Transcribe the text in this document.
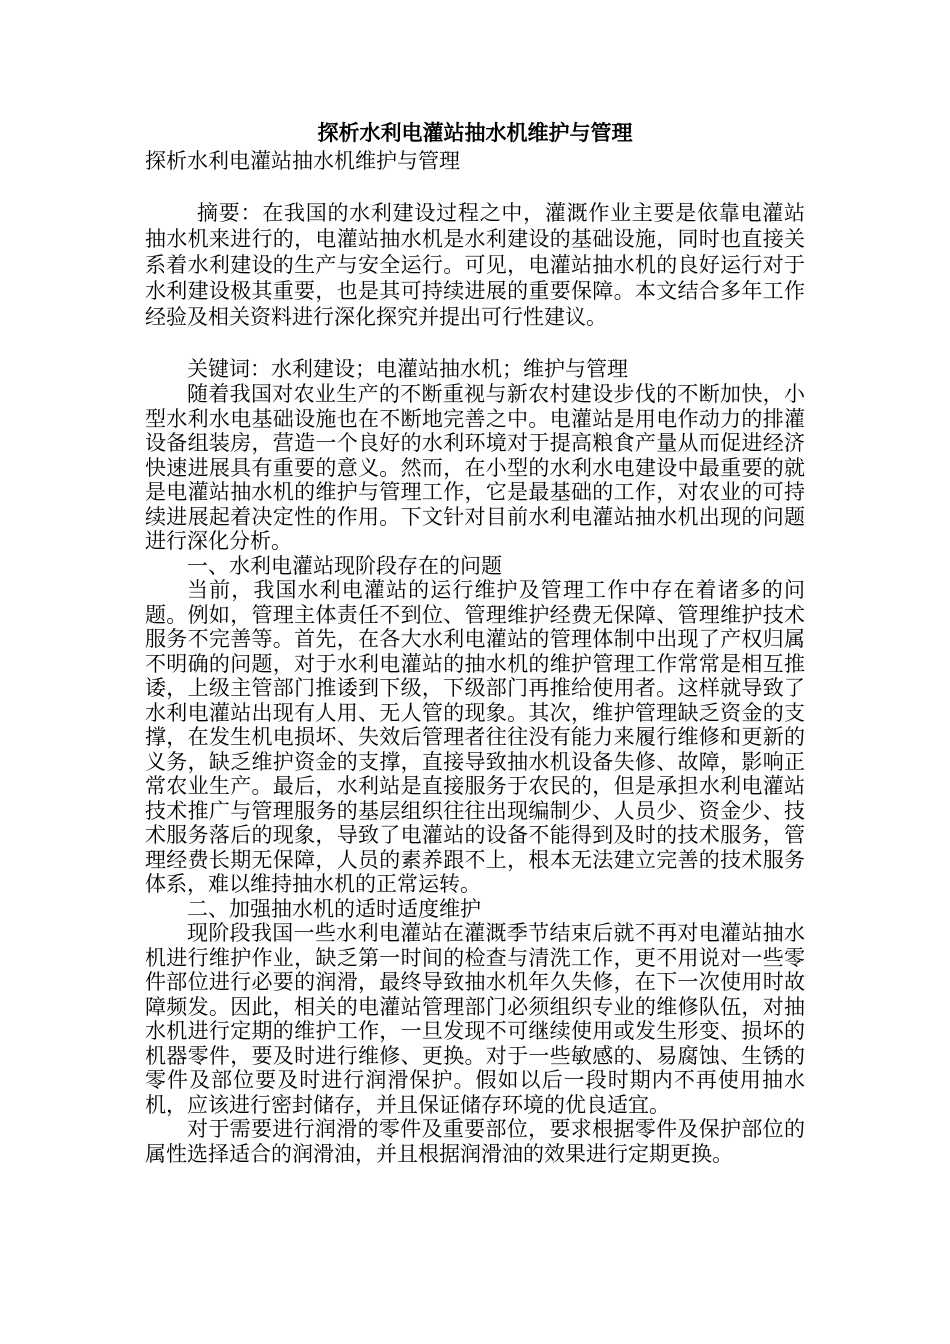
探析水利电灌站抽水机维护与管理
探析水利电灌站抽水机维护与管理

摘要：在我国的水利建设过程之中，灌溉作业主要是依靠电灌站抽水机来进行的，电灌站抽水机是水利建设的基础设施，同时也直接关系着水利建设的生产与安全运行。可见，电灌站抽水机的良好运行对于水利建设极其重要，也是其可持续进展的重要保障。本文结合多年工作经验及相关资料进行深化探究并提出可行性建议。

关键词：水利建设；电灌站抽水机；维护与管理

随着我国对农业生产的不断重视与新农村建设步伐的不断加快，小型水利水电基础设施也在不断地完善之中。电灌站是用电作动力的排灌设备组装房，营造一个良好的水利环境对于提高粮食产量从而促进经济快速进展具有重要的意义。然而，在小型的水利水电建设中最重要的就是电灌站抽水机的维护与管理工作，它是最基础的工作，对农业的可持续进展起着决定性的作用。下文针对目前水利电灌站抽水机出现的问题进行深化分析。

一、水利电灌站现阶段存在的问题

当前，我国水利电灌站的运行维护及管理工作中存在着诸多的问题。例如，管理主体责任不到位、管理维护经费无保障、管理维护技术服务不完善等。首先，在各大水利电灌站的管理体制中出现了产权归属不明确的问题，对于水利电灌站的抽水机的维护管理工作常常是相互推诿，上级主管部门推诿到下级，下级部门再推给使用者。这样就导致了水利电灌站出现有人用、无人管的现象。其次，维护管理缺乏资金的支撑，在发生机电损坏、失效后管理者往往没有能力来履行维修和更新的义务，缺乏维护资金的支撑，直接导致抽水机设备失修、故障，影响正常农业生产。最后，水利站是直接服务于农民的，但是承担水利电灌站技术推广与管理服务的基层组织往往出现编制少、人员少、资金少、技术服务落后的现象，导致了电灌站的设备不能得到及时的技术服务，管理经费长期无保障，人员的素养跟不上，根本无法建立完善的技术服务体系，难以维持抽水机的正常运转。

二、加强抽水机的适时适度维护

现阶段我国一些水利电灌站在灌溉季节结束后就不再对电灌站抽水机进行维护作业，缺乏第一时间的检查与清洗工作，更不用说对一些零件部位进行必要的润滑，最终导致抽水机年久失修，在下一次使用时故障频发。因此，相关的电灌站管理部门必须组织专业的维修队伍，对抽水机进行定期的维护工作，一旦发现不可继续使用或发生形变、损坏的机器零件，要及时进行维修、更换。对于一些敏感的、易腐蚀、生锈的零件及部位要及时进行润滑保护。假如以后一段时期内不再使用抽水机，应该进行密封储存，并且保证储存环境的优良适宜。

对于需要进行润滑的零件及重要部位，要求根据零件及保护部位的属性选择适合的润滑油，并且根据润滑油的效果进行定期更换。
